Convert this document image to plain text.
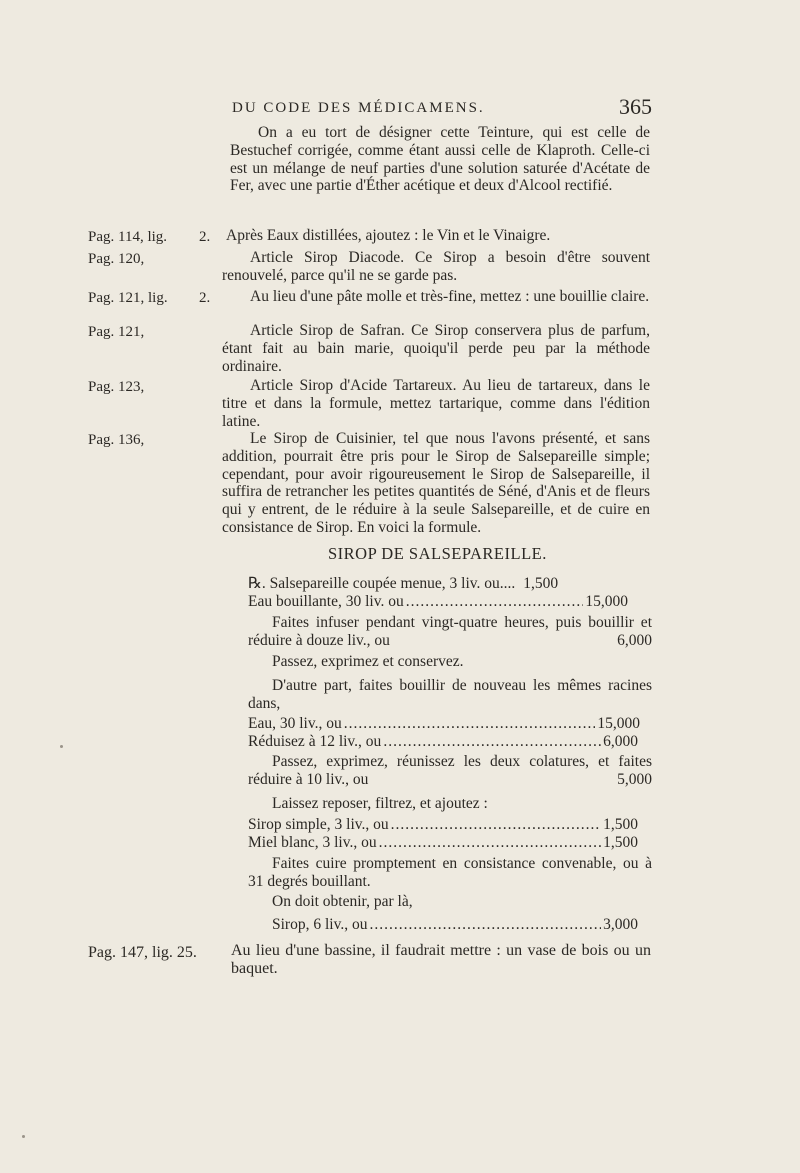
DU CODE DES MÉDICAMENS.	365

On a eu tort de désigner cette Teinture, qui est celle de Bestuchef corrigée, comme étant aussi celle de Klaproth. Celle-ci est un mélange de neuf parties d'une solution saturée d'Acétate de Fer, avec une partie d'Éther acétique et deux d'Alcool rectifié.

Pag. 114, lig. 2. Après Eaux distillées, ajoutez : le Vin et le Vinaigre.

Pag. 120,	Article Sirop Diacode. Ce Sirop a besoin d'être souvent renouvelé, parce qu'il ne se garde pas.

Pag. 121, lig. 2.	Au lieu d'une pâte molle et très-fine, mettez : une bouillie claire.

Pag. 121,	Article Sirop de Safran. Ce Sirop conservera plus de parfum, étant fait au bain marie, quoiqu'il perde peu par la méthode ordinaire.

Pag. 123,	Article Sirop d'Acide Tartareux. Au lieu de tartareux, dans le titre et dans la formule, mettez tartarique, comme dans l'édition latine.

Pag. 136,	Le Sirop de Cuisinier, tel que nous l'avons présenté, et sans addition, pourrait être pris pour le Sirop de Salsepareille simple; cependant, pour avoir rigoureusement le Sirop de Salsepareille, il suffira de retrancher les petites quantités de Séné, d'Anis et de fleurs qui y entrent, de le réduire à la seule Salsepareille, et de cuire en consistance de Sirop. En voici la formule.

SIROP DE SALSEPAREILLE.
℞. Salsepareille coupée menue, 3 liv. ou.... 1,500
Eau bouillante, 30 liv. ou .....	15,000
Faites infuser pendant vingt-quatre heures, puis bouillir et réduire à douze liv., ou	6,000
Passez, exprimez et conservez.

D'autre part, faites bouillir de nouveau les mêmes racines dans,

Eau, 30 liv., ou .....	15,000
Réduisez à 12 liv., ou .....	6,000
Passez, exprimez, réunissez les deux colatures, et faites réduire à 10 liv., ou	5,000
Laissez reposer, filtrez, et ajoutez :
Sirop simple, 3 liv., ou .....	1,500
Miel blanc, 3 liv., ou .....	1,500

Faites cuire promptement en consistance convenable, ou à 31 degrés bouillant.

On doit obtenir, par là,
Sirop, 6 liv., ou .....	3,000
Pag. 147, lig. 25. Au lieu d'une bassine, il faudrait mettre : un vase de bois ou un baquet.
